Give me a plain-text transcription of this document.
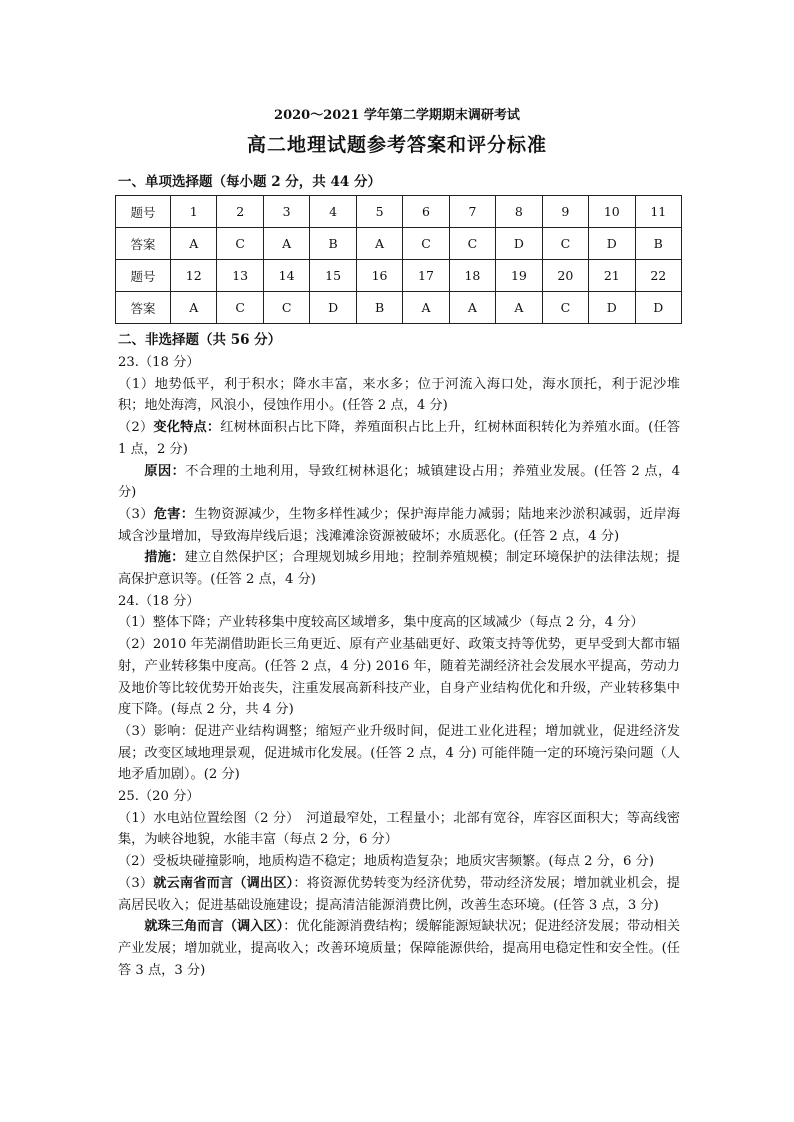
2020～2021 学年第二学期期末调研考试
高二地理试题参考答案和评分标准
一、单项选择题（每小题 2 分，共 44 分）
题号	1	2	3	4	5	6	7	8	9	10	11
答案	A	C	A	B	A	C	C	D	C	D	B
题号	12	13	14	15	16	17	18	19	20	21	22
答案	A	C	C	D	B	A	A	A	C	D	D
二、非选择题（共 56 分）

23.（18 分）

（1）地势低平，利于积水；降水丰富，来水多；位于河流入海口处，海水顶托，利于泥沙堆积；地处海湾，风浪小，侵蚀作用小。(任答 2 点，4 分)

（2）变化特点：红树林面积占比下降，养殖面积占比上升，红树林面积转化为养殖水面。(任答 1 点，2 分)

原因：不合理的土地利用，导致红树林退化；城镇建设占用；养殖业发展。(任答 2 点，4 分)

（3）危害：生物资源减少，生物多样性减少；保护海岸能力减弱；陆地来沙淤积减弱，近岸海域含沙量增加，导致海岸线后退；浅滩滩涂资源被破坏；水质恶化。(任答 2 点，4 分)

措施：建立自然保护区；合理规划城乡用地；控制养殖规模；制定环境保护的法律法规；提高保护意识等。(任答 2 点，4 分)

24.（18 分）

（1）整体下降；产业转移集中度较高区域增多，集中度高的区域减少（每点 2 分，4 分）

（2）2010 年芜湖借助距长三角更近、原有产业基础更好、政策支持等优势，更早受到大都市辐射，产业转移集中度高。(任答 2 点，4 分) 2016 年，随着芜湖经济社会发展水平提高，劳动力及地价等比较优势开始丧失，注重发展高新科技产业，自身产业结构优化和升级，产业转移集中度下降。(每点 2 分，共 4 分)

（3）影响：促进产业结构调整；缩短产业升级时间，促进工业化进程；增加就业，促进经济发展；改变区域地理景观，促进城市化发展。(任答 2 点，4 分) 可能伴随一定的环境污染问题（人地矛盾加剧）。(2 分)

25.（20 分）

（1）水电站位置绘图（2 分）　河道最窄处，工程量小；北部有宽谷，库容区面积大；等高线密集，为峡谷地貌，水能丰富（每点 2 分，6 分）

（2）受板块碰撞影响，地质构造不稳定；地质构造复杂；地质灾害频繁。(每点 2 分，6 分)

（3）就云南省而言（调出区）：将资源优势转变为经济优势，带动经济发展；增加就业机会，提高居民收入；促进基础设施建设；提高清洁能源消费比例，改善生态环境。(任答 3 点，3 分)

就珠三角而言（调入区）：优化能源消费结构；缓解能源短缺状况；促进经济发展；带动相关产业发展；增加就业，提高收入；改善环境质量；保障能源供给，提高用电稳定性和安全性。(任答 3 点，3 分)
